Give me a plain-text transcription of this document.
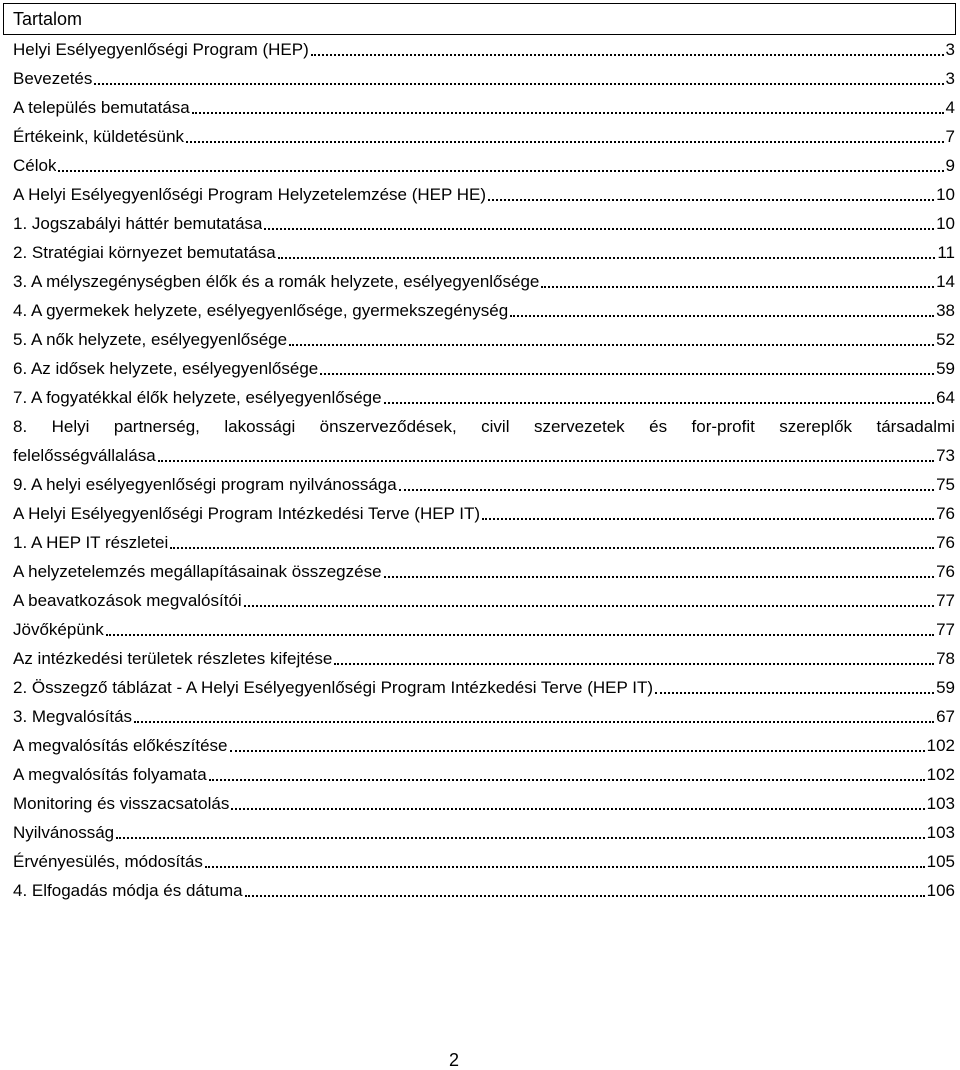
Tartalom
Helyi Esélyegyenlőségi Program (HEP)	3
Bevezetés	3
A település bemutatása	4
Értékeink, küldetésünk	7
Célok	9
A Helyi Esélyegyenlőségi Program Helyzetelemzése (HEP HE)	10
1. Jogszabályi háttér bemutatása	10
2. Stratégiai környezet bemutatása	11
3. A mélyszegénységben élők és a romák helyzete, esélyegyenlősége	14
4. A gyermekek helyzete, esélyegyenlősége, gyermekszegénység	38
5. A nők helyzete, esélyegyenlősége	52
6. Az idősek helyzete, esélyegyenlősége	59
7. A fogyatékkal élők helyzete, esélyegyenlősége	64
8. Helyi partnerség, lakossági önszerveződések, civil szervezetek és for-profit szereplők társadalmi
felelősségvállalása	73
9. A helyi esélyegyenlőségi program nyilvánossága	75
A Helyi Esélyegyenlőségi Program Intézkedési Terve (HEP IT)	76
1. A HEP IT részletei	76
A helyzetelemzés megállapításainak összegzése	76
A beavatkozások megvalósítói	77
Jövőképünk	77
Az intézkedési területek részletes kifejtése	78
2. Összegző táblázat - A Helyi Esélyegyenlőségi Program Intézkedési Terve (HEP IT)	59
3. Megvalósítás	67
A megvalósítás előkészítése	102
A megvalósítás folyamata	102
Monitoring és visszacsatolás	103
Nyilvánosság	103
Érvényesülés, módosítás	105
4. Elfogadás módja és dátuma	106
2
